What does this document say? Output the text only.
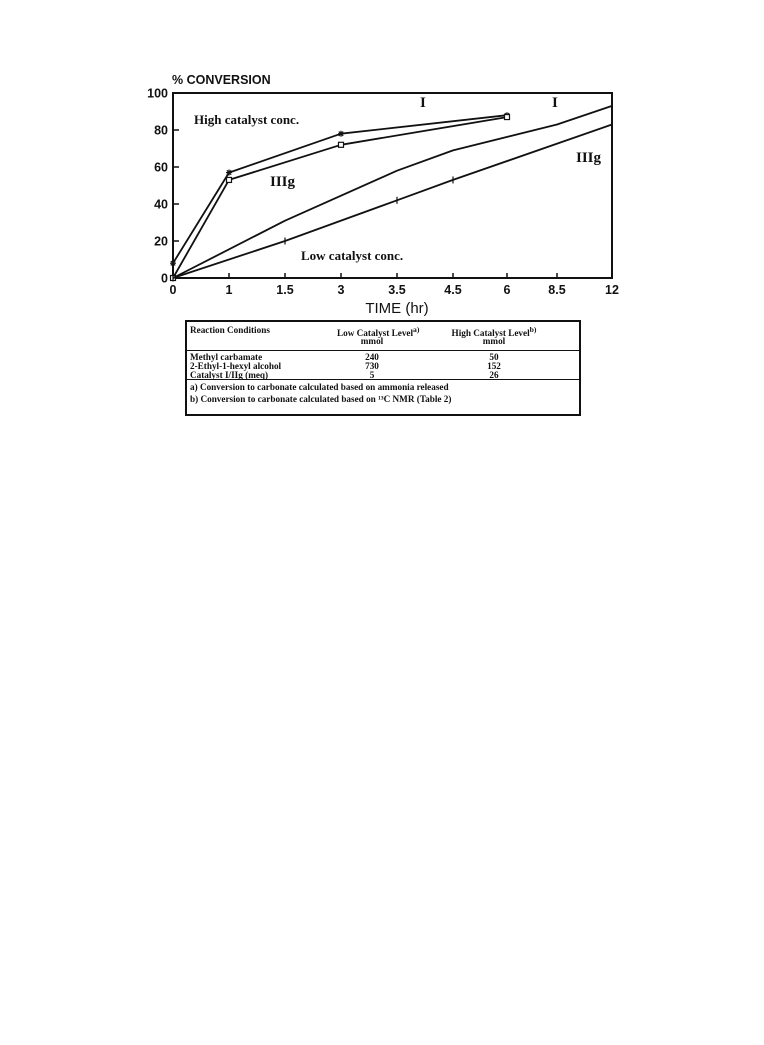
% CONVERSION
TIME (hr)
High catalyst conc.
Low catalyst conc.
I
IIIg
I
IIIg
0
20
40
60
80
100
0	1	1.5	3	3.5	4.5	6	8.5	12
Reaction Conditions	Low Catalyst Level$^{a)}$	High Catalyst Level$^{b)}$
mmol	mmol
Methyl carbamate	240	50
2-Ethyl-1-hexyl alcohol	730	152
Catalyst I/IIg (meq)	5	26
a) Conversion to carbonate calculated based on ammonia released
b) Conversion to carbonate calculated based on ¹³C NMR (Table 2)
